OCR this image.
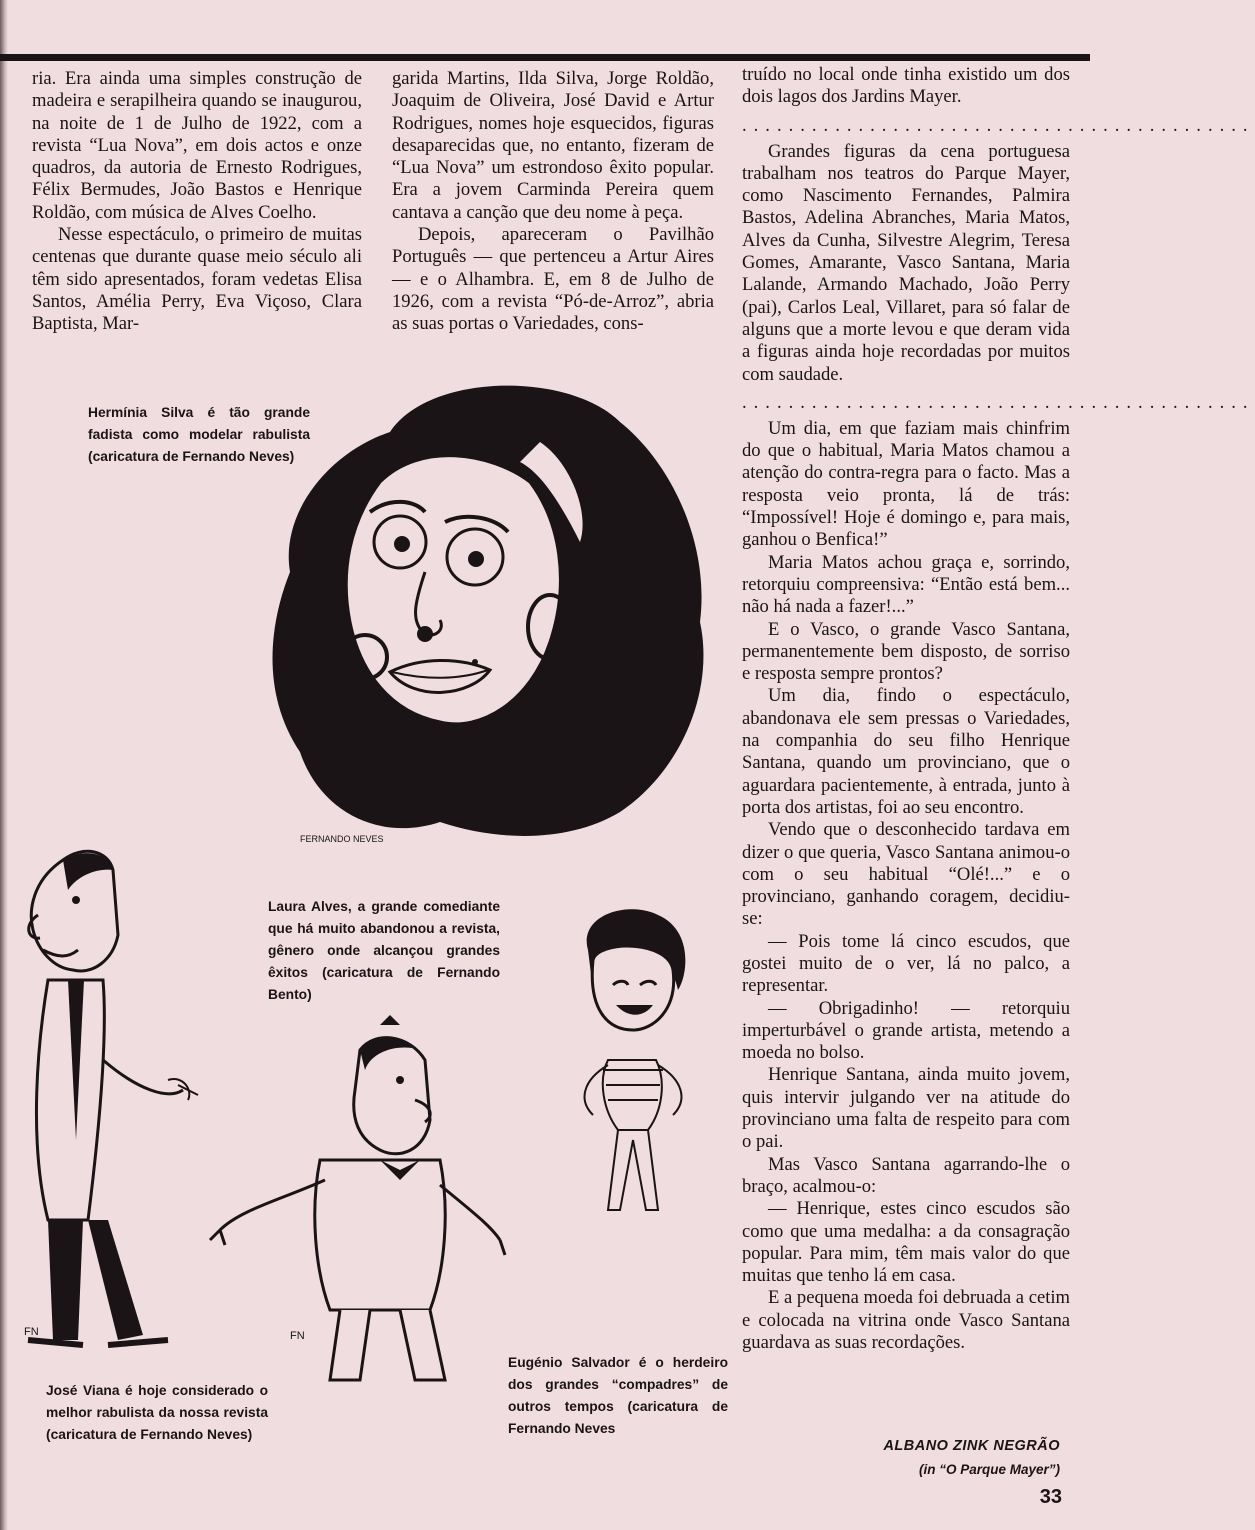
ria. Era ainda uma simples construção de madeira e serapilheira quando se inaugurou, na noite de 1 de Julho de 1922, com a revista “Lua Nova”, em dois actos e onze quadros, da autoria de Ernesto Rodrigues, Félix Bermudes, João Bastos e Henrique Roldão, com música de Alves Coelho.

Nesse espectáculo, o primeiro de muitas centenas que durante quase meio século ali têm sido apresentados, foram vedetas Elisa Santos, Amélia Perry, Eva Viçoso, Clara Baptista, Mar-

garida Martins, Ilda Silva, Jorge Roldão, Joaquim de Oliveira, José David e Artur Rodrigues, nomes hoje esquecidos, figuras desaparecidas que, no entanto, fizeram de “Lua Nova” um estrondoso êxito popular. Era a jovem Carminda Pereira quem cantava a canção que deu nome à peça.

Depois, apareceram o Pavilhão Português — que pertenceu a Artur Aires — e o Alhambra. E, em 8 de Julho de 1926, com a revista “Pó-de-Arroz”, abria as suas portas o Variedades, cons-

truído no local onde tinha existido um dos dois lagos dos Jardins Mayer.

............................................

Grandes figuras da cena portuguesa trabalham nos teatros do Parque Mayer, como Nascimento Fernandes, Palmira Bastos, Adelina Abranches, Maria Matos, Alves da Cunha, Silvestre Alegrim, Teresa Gomes, Amarante, Vasco Santana, Maria Lalande, Armando Machado, João Perry (pai), Carlos Leal, Villaret, para só falar de alguns que a morte levou e que deram vida a figuras ainda hoje recordadas por muitos com saudade.

............................................

Um dia, em que faziam mais chinfrim do que o habitual, Maria Matos chamou a atenção do contra-regra para o facto. Mas a resposta veio pronta, lá de trás: “Impossível! Hoje é domingo e, para mais, ganhou o Benfica!”

Maria Matos achou graça e, sorrindo, retorquiu compreensiva: “Então está bem... não há nada a fazer!...”

E o Vasco, o grande Vasco Santana, permanentemente bem disposto, de sorriso e resposta sempre prontos?

Um dia, findo o espectáculo, abandonava ele sem pressas o Variedades, na companhia do seu filho Henrique Santana, quando um provinciano, que o aguardara pacientemente, à entrada, junto à porta dos artistas, foi ao seu encontro.

Vendo que o desconhecido tardava em dizer o que queria, Vasco Santana animou-o com o seu habitual “Olé!...” e o provinciano, ganhando coragem, decidiu-se:

— Pois tome lá cinco escudos, que gostei muito de o ver, lá no palco, a representar.

— Obrigadinho! — retorquiu imperturbável o grande artista, metendo a moeda no bolso.

Henrique Santana, ainda muito jovem, quis intervir julgando ver na atitude do provinciano uma falta de respeito para com o pai.

Mas Vasco Santana agarrando-lhe o braço, acalmou-o:

— Henrique, estes cinco escudos são como que uma medalha: a da consagração popular. Para mim, têm mais valor do que muitas que tenho lá em casa.

E a pequena moeda foi debruada a cetim e colocada na vitrina onde Vasco Santana guardava as suas recordações.

FERNANDO NEVES
FN	FN
Hermínia Silva é tão grande fadista como modelar rabulista (caricatura de Fernando Neves)
Laura Alves, a grande comediante que há muito abandonou a revista, gênero onde alcançou grandes êxitos (caricatura de Fernando Bento)
José Viana é hoje considerado o melhor rabulista da nossa revista (caricatura de Fernando Neves)
Eugénio Salvador é o herdeiro dos grandes “compadres” de outros tempos (caricatura de Fernando Neves
ALBANO ZINK NEGRÃO
(in “O Parque Mayer”)
33
